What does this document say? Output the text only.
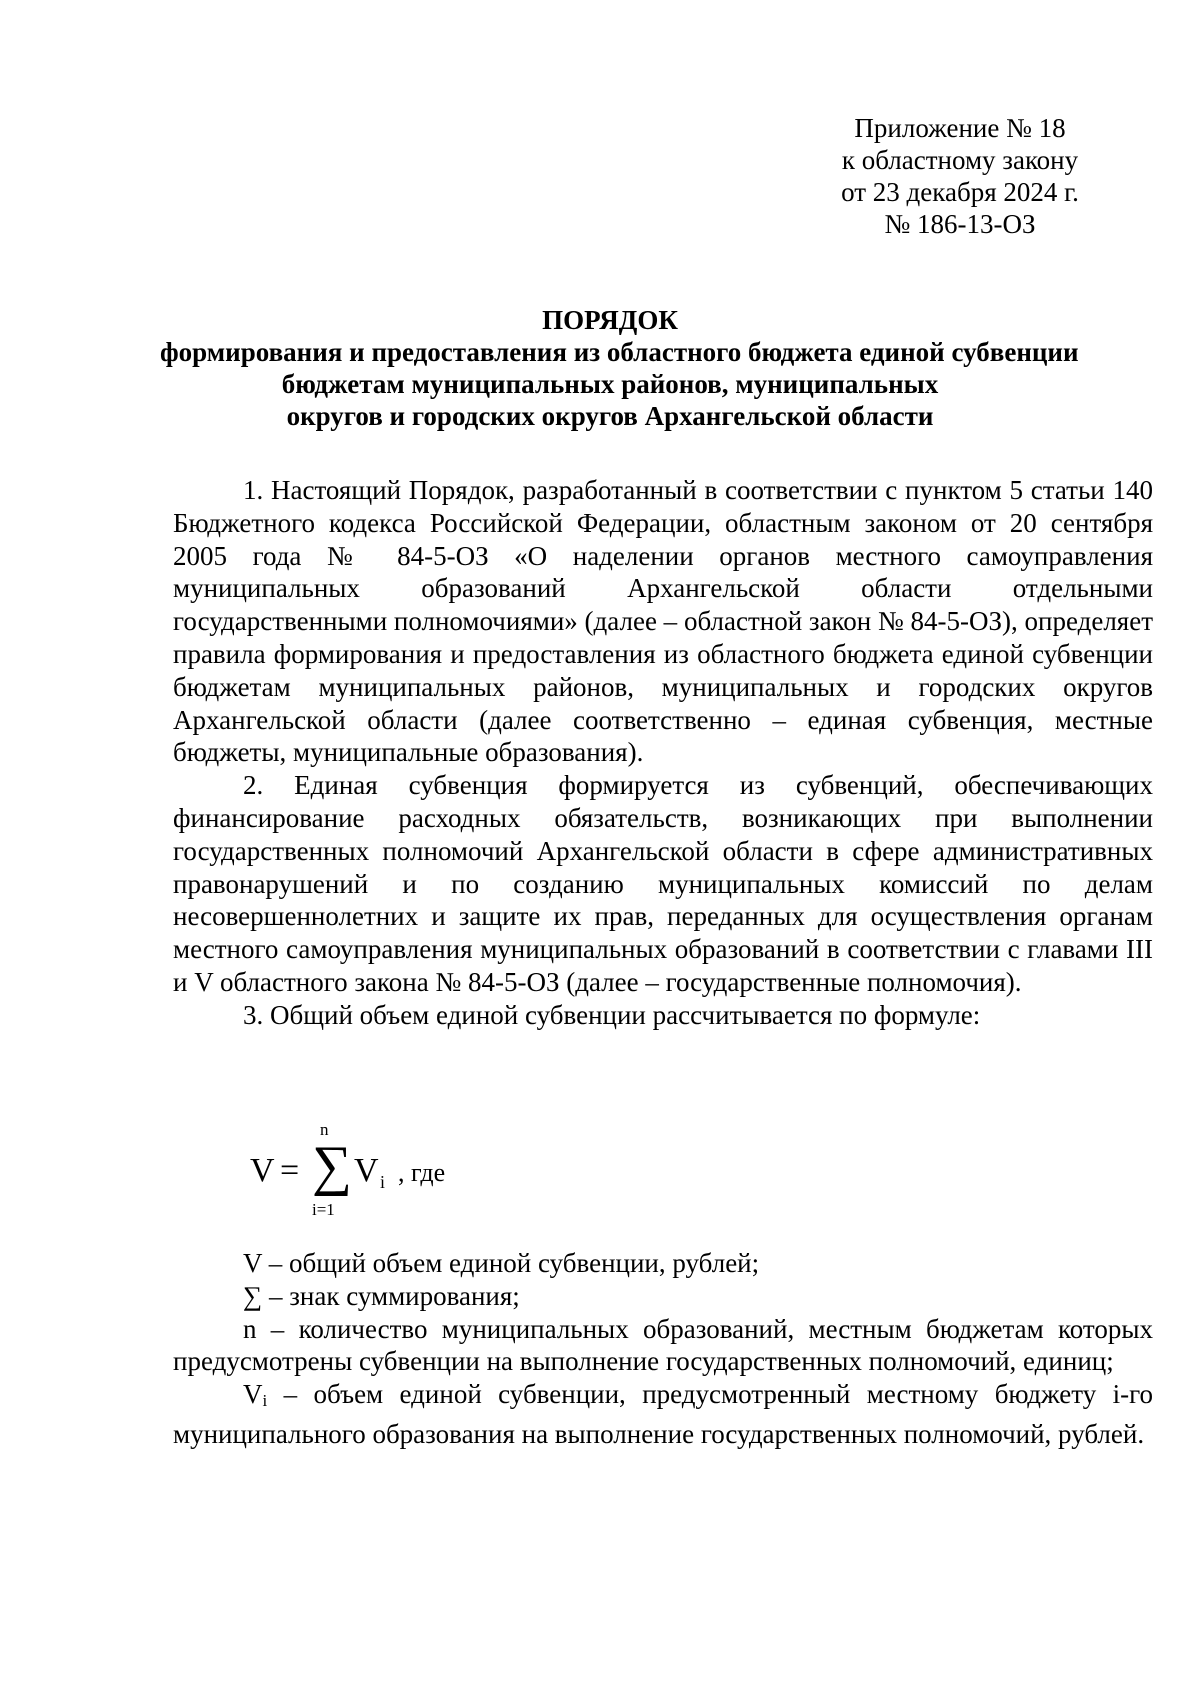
Приложение № 18
к областному закону
от 23 декабря 2024 г.
№ 186-13-ОЗ
ПОРЯДОК
формирования и предоставления из областного бюджета единой субвенции
бюджетам муниципальных районов, муниципальных
округов и городских округов Архангельской области

1. Настоящий Порядок, разработанный в соответствии с пунктом 5 статьи 140 Бюджетного кодекса Российской Федерации, областным законом от 20 сентября 2005 года № 84-5-ОЗ «О наделении органов местного самоуправления муниципальных образований Архангельской области отдельными государственными полномочиями» (далее – областной закон № 84-5-ОЗ), определяет правила формирования и предоставления из областного бюджета единой субвенции бюджетам муниципальных районов, муниципальных и городских округов Архангельской области (далее соответственно – единая субвенция, местные бюджеты, муниципальные образования).

2. Единая субвенция формируется из субвенций, обеспечивающих финансирование расходных обязательств, возникающих при выполнении государственных полномочий Архангельской области в сфере административных правонарушений и по созданию муниципальных комиссий по делам несовершеннолетних и защите их прав, переданных для осуществления органам местного самоуправления муниципальных образований в соответствии с главами III и V областного закона № 84-5-ОЗ (далее – государственные полномочия).

3. Общий объем единой субвенции рассчитывается по формуле:

V =
n
∑
i=1
V i , где

V – общий объем единой субвенции, рублей;

∑ – знак суммирования;

n – количество муниципальных образований, местным бюджетам которых предусмотрены субвенции на выполнение государственных полномочий, единиц;

$V_i$ – объем единой субвенции, предусмотренный местному бюджету i-го муниципального образования на выполнение государственных полномочий, рублей.
